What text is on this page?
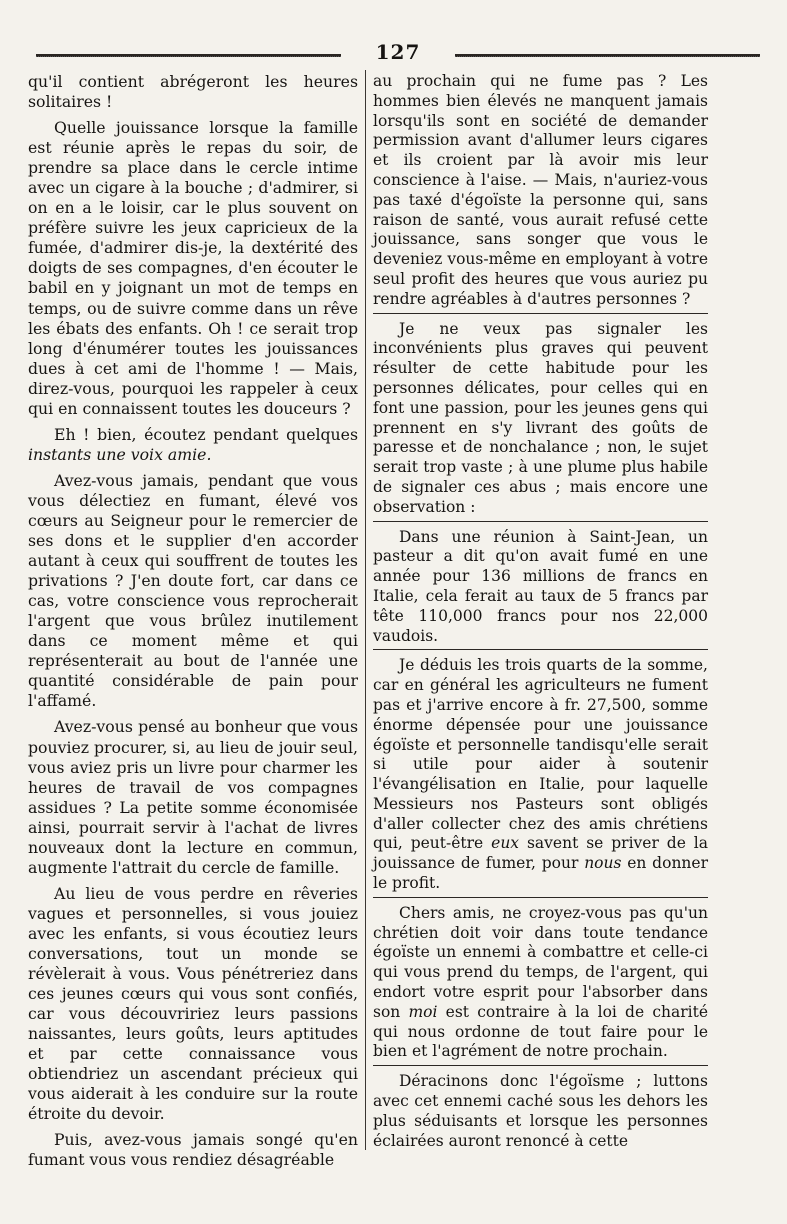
127

qu'il contient abrégeront les heures solitaires !

Quelle jouissance lorsque la famille est réunie après le repas du soir, de prendre sa place dans le cercle intime avec un cigare à la bouche ; d'admirer, si on en a le loisir, car le plus souvent on préfère suivre les jeux capricieux de la fumée, d'admirer dis-je, la dextérité des doigts de ses compagnes, d'en écouter le babil en y joignant un mot de temps en temps, ou de suivre comme dans un rêve les ébats des enfants. Oh ! ce serait trop long d'énumérer toutes les jouissances dues à cet ami de l'homme ! — Mais, direz-vous, pourquoi les rappeler à ceux qui en connaissent toutes les douceurs ?

Eh ! bien, écoutez pendant quelques instants une voix amie.

Avez-vous jamais, pendant que vous vous délectiez en fumant, élevé vos cœurs au Seigneur pour le remercier de ses dons et le supplier d'en accorder autant à ceux qui souffrent de toutes les privations ? J'en doute fort, car dans ce cas, votre conscience vous reprocherait l'argent que vous brûlez inutilement dans ce moment même et qui représenterait au bout de l'année une quantité considérable de pain pour l'affamé.

Avez-vous pensé au bonheur que vous pouviez procurer, si, au lieu de jouir seul, vous aviez pris un livre pour charmer les heures de travail de vos compagnes assidues ? La petite somme économisée ainsi, pourrait servir à l'achat de livres nouveaux dont la lecture en commun, augmente l'attrait du cercle de famille.

Au lieu de vous perdre en rêveries vagues et personnelles, si vous jouiez avec les enfants, si vous écoutiez leurs conversations, tout un monde se révèlerait à vous. Vous pénétreriez dans ces jeunes cœurs qui vous sont confiés, car vous découvririez leurs passions naissantes, leurs goûts, leurs aptitudes et par cette connaissance vous obtiendriez un ascendant précieux qui vous aiderait à les conduire sur la route étroite du devoir.

Puis, avez-vous jamais songé qu'en fumant vous vous rendiez désagréable

au prochain qui ne fume pas ? Les hommes bien élevés ne manquent jamais lorsqu'ils sont en société de demander permission avant d'allumer leurs cigares et ils croient par là avoir mis leur conscience à l'aise. — Mais, n'auriez-vous pas taxé d'égoïste la personne qui, sans raison de santé, vous aurait refusé cette jouissance, sans songer que vous le deveniez vous-même en employant à votre seul profit des heures que vous auriez pu rendre agréables à d'autres personnes ?

Je ne veux pas signaler les inconvénients plus graves qui peuvent résulter de cette habitude pour les personnes délicates, pour celles qui en font une passion, pour les jeunes gens qui prennent en s'y livrant des goûts de paresse et de nonchalance ; non, le sujet serait trop vaste ; à une plume plus habile de signaler ces abus ; mais encore une observation :

Dans une réunion à Saint-Jean, un pasteur a dit qu'on avait fumé en une année pour 136 millions de francs en Italie, cela ferait au taux de 5 francs par tête 110,000 francs pour nos 22,000 vaudois.

Je déduis les trois quarts de la somme, car en général les agriculteurs ne fument pas et j'arrive encore à fr. 27,500, somme énorme dépensée pour une jouissance égoïste et personnelle tandisqu'elle serait si utile pour aider à soutenir l'évangélisation en Italie, pour laquelle Messieurs nos Pasteurs sont obligés d'aller collecter chez des amis chrétiens qui, peut-être eux savent se priver de la jouissance de fumer, pour nous en donner le profit.

Chers amis, ne croyez-vous pas qu'un chrétien doit voir dans toute tendance égoïste un ennemi à combattre et celle-ci qui vous prend du temps, de l'argent, qui endort votre esprit pour l'absorber dans son moi est contraire à la loi de charité qui nous ordonne de tout faire pour le bien et l'agrément de notre prochain.

Déracinons donc l'égoïsme ; luttons avec cet ennemi caché sous les dehors les plus séduisants et lorsque les personnes éclairées auront renoncé à cette
